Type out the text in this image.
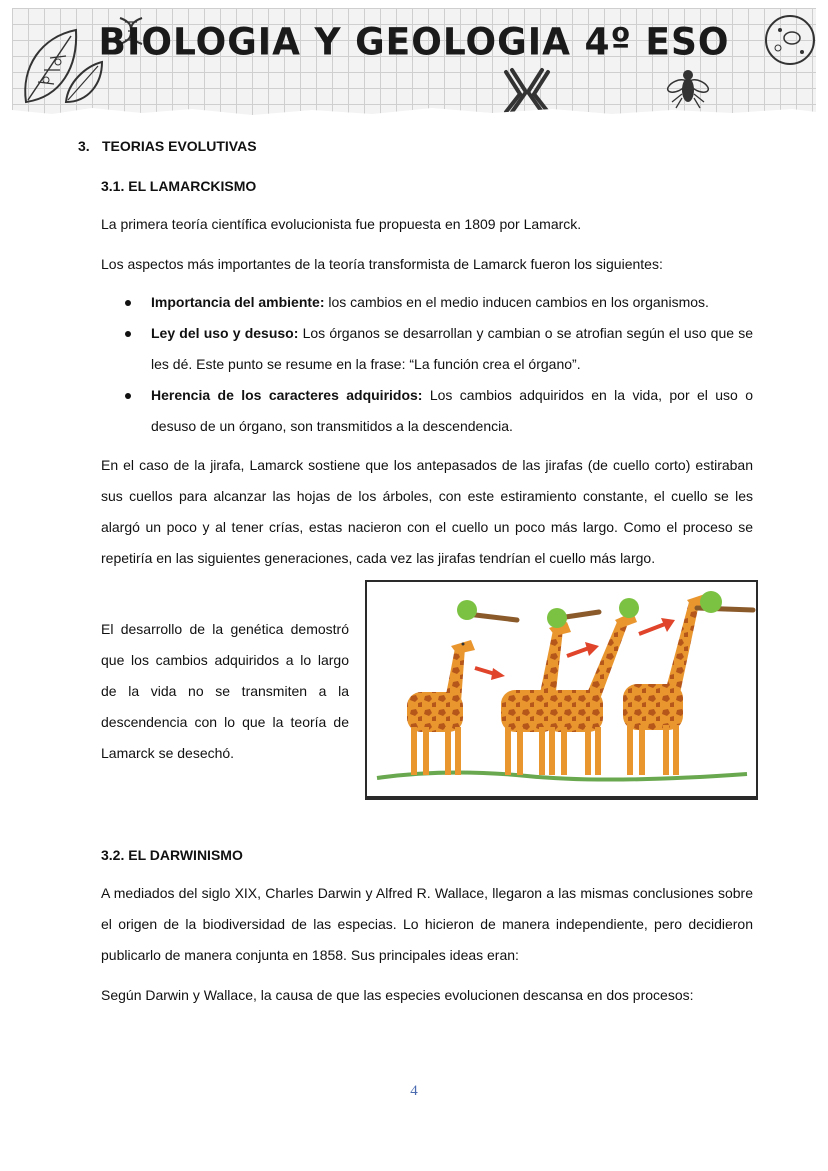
BIOLOGIA Y GEOLOGIA 4º ESO
3. TEORIAS EVOLUTIVAS
3.1. EL LAMARCKISMO
La primera teoría científica evolucionista fue propuesta en 1809 por Lamarck.
Los aspectos más importantes de la teoría transformista de Lamarck fueron los siguientes:
Importancia del ambiente: los cambios en el medio inducen cambios en los organismos.
Ley del uso y desuso: Los órganos se desarrollan y cambian o se atrofian según el uso que se les dé. Este punto se resume en la frase: “La función crea el órgano”.
Herencia de los caracteres adquiridos: Los cambios adquiridos en la vida, por el uso o desuso de un órgano, son transmitidos a la descendencia.
En el caso de la jirafa, Lamarck sostiene que los antepasados de las jirafas (de cuello corto) estiraban sus cuellos para alcanzar las hojas de los árboles, con este estiramiento constante, el cuello se les alargó un poco y al tener crías, estas nacieron con el cuello un poco más largo. Como el proceso se repetiría en las siguientes generaciones, cada vez las jirafas tendrían el cuello más largo.
El desarrollo de la genética demostró que los cambios adquiridos a lo largo de la vida no se transmiten a la descendencia con lo que la teoría de Lamarck se desechó.
3.2. EL DARWINISMO
A mediados del siglo XIX, Charles Darwin y Alfred R. Wallace, llegaron a las mismas conclusiones sobre el origen de la biodiversidad de las especias. Lo hicieron de manera independiente, pero decidieron publicarlo de manera conjunta en 1858. Sus principales ideas eran:
Según Darwin y Wallace, la causa de que las especies evolucionen descansa en dos procesos:
4
